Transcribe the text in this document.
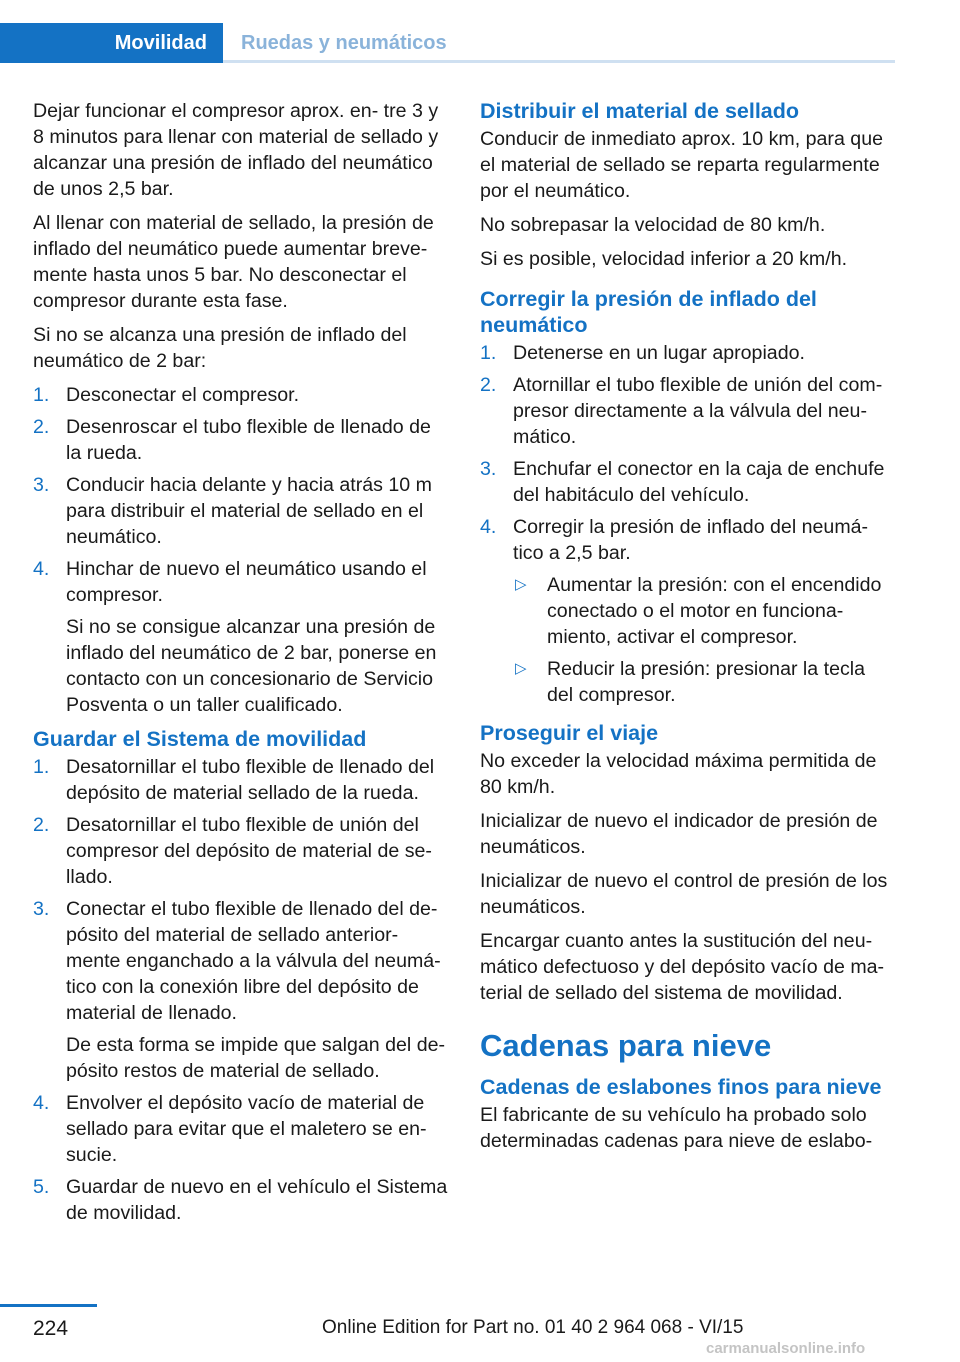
Movilidad	Ruedas y neumáticos

Dejar funcionar el compresor aprox. en‐ tre 3 y 8 minutos para llenar con material de sellado y alcanzar una presión de inflado del neumático de unos 2,5 bar.

Al llenar con material de sellado, la presión de inflado del neumático puede aumentar breve‐ mente hasta unos 5 bar. No desconectar el compresor durante esta fase.

Si no se alcanza una presión de inflado del neumático de 2 bar:

1. Desconectar el compresor.
2. Desenroscar el tubo flexible de llenado de la rueda.
3. Conducir hacia delante y hacia atrás 10 m para distribuir el material de sellado en el neumático.
4. Hinchar de nuevo el neumático usando el compresor.

Si no se consigue alcanzar una presión de inflado del neumático de 2 bar, ponerse en contacto con un concesionario de Servicio Posventa o un taller cualificado.

Guardar el Sistema de movilidad
1. Desatornillar el tubo flexible de llenado del depósito de material sellado de la rueda.
2. Desatornillar el tubo flexible de unión del compresor del depósito de material de se‐ llado.
3. Conectar el tubo flexible de llenado del de‐ pósito del material de sellado anterior‐ mente enganchado a la válvula del neumá‐ tico con la conexión libre del depósito de material de llenado.

De esta forma se impide que salgan del de‐ pósito restos de material de sellado.

4. Envolver el depósito vacío de material de sellado para evitar que el maletero se en‐ sucie.
5. Guardar de nuevo en el vehículo el Sistema de movilidad.
Distribuir el material de sellado

Conducir de inmediato aprox. 10 km, para que el material de sellado se reparta regularmente por el neumático.

No sobrepasar la velocidad de 80 km/h.

Si es posible, velocidad inferior a 20 km/h.

Corregir la presión de inflado del neumático
1. Detenerse en un lugar apropiado.
2. Atornillar el tubo flexible de unión del com‐ presor directamente a la válvula del neu‐ mático.
3. Enchufar el conector en la caja de enchufe del habitáculo del vehículo.
4. Corregir la presión de inflado del neumá‐ tico a 2,5 bar.
▷ Aumentar la presión: con el encendido conectado o el motor en funciona‐ miento, activar el compresor.
▷ Reducir la presión: presionar la tecla del compresor.
Proseguir el viaje

No exceder la velocidad máxima permitida de 80 km/h.

Inicializar de nuevo el indicador de presión de neumáticos.

Inicializar de nuevo el control de presión de los neumáticos.

Encargar cuanto antes la sustitución del neu‐ mático defectuoso y del depósito vacío de ma‐ terial de sellado del sistema de movilidad.

Cadenas para nieve
Cadenas de eslabones finos para nieve

El fabricante de su vehículo ha probado solo determinadas cadenas para nieve de eslabo‐

224	Online Edition for Part no. 01 40 2 964 068 - VI/15
carmanualsonline.info
